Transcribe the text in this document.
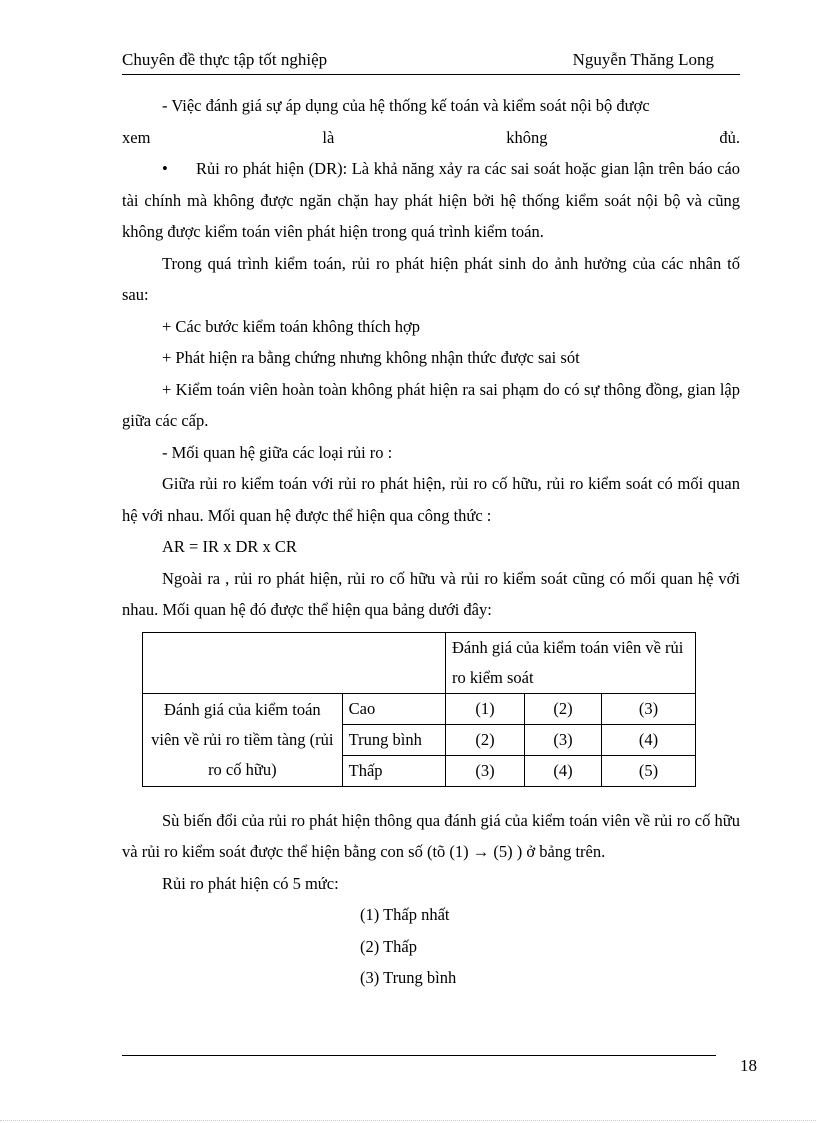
Chuyên đề thực tập tốt nghiệp	Nguyễn Thăng Long
- Việc đánh giá sự áp dụng của hệ thống kế toán và kiểm soát nội bộ được
xem	là	không	đủ.
• Rủi ro phát hiện (DR): Là khả năng xảy ra các sai soát hoặc gian lận trên báo cáo tài chính mà không được ngăn chặn hay phát hiện bởi hệ thống kiểm soát nội bộ và cũng không được kiểm toán viên phát hiện trong quá trình kiểm toán.
Trong quá trình kiểm toán, rủi ro phát hiện phát sinh do ảnh hưởng của các nhân tố sau:
+ Các bước kiểm toán không thích hợp
+ Phát hiện ra bằng chứng nhưng không nhận thức được sai sót
+ Kiểm toán viên hoàn toàn không phát hiện ra sai phạm do có sự thông đồng, gian lập giữa các cấp.
- Mối quan hệ giữa các loại rủi ro :
Giữa rủi ro kiểm toán với rủi ro phát hiện, rủi ro cố hữu, rủi ro kiểm soát có mối quan hệ với nhau. Mối quan hệ được thể hiện qua công thức :
AR = IR x DR x CR
Ngoài ra , rủi ro phát hiện, rủi ro cố hữu và rủi ro kiểm soát cũng có mối quan hệ với nhau. Mối quan hệ đó được thể hiện qua bảng dưới đây:
		Đánh giá của kiểm toán viên về rủi ro kiểm soát		
Đánh giá của kiểm toán viên về rủi ro tiềm tàng (rủi ro cố hữu)	Cao	(1)	(2)	(3)
	Trung bình	(2)	(3)	(4)
	Thấp	(3)	(4)	(5)
Sù biến đổi của rủi ro phát hiện thông qua đánh giá của kiểm toán viên về rủi ro cố hữu và rủi ro kiểm soát được thể hiện bằng con số (tõ (1) → (5) ) ở bảng trên.
Rủi ro phát hiện có 5 mức:
(1) Thấp nhất
(2) Thấp
(3) Trung bình
18
